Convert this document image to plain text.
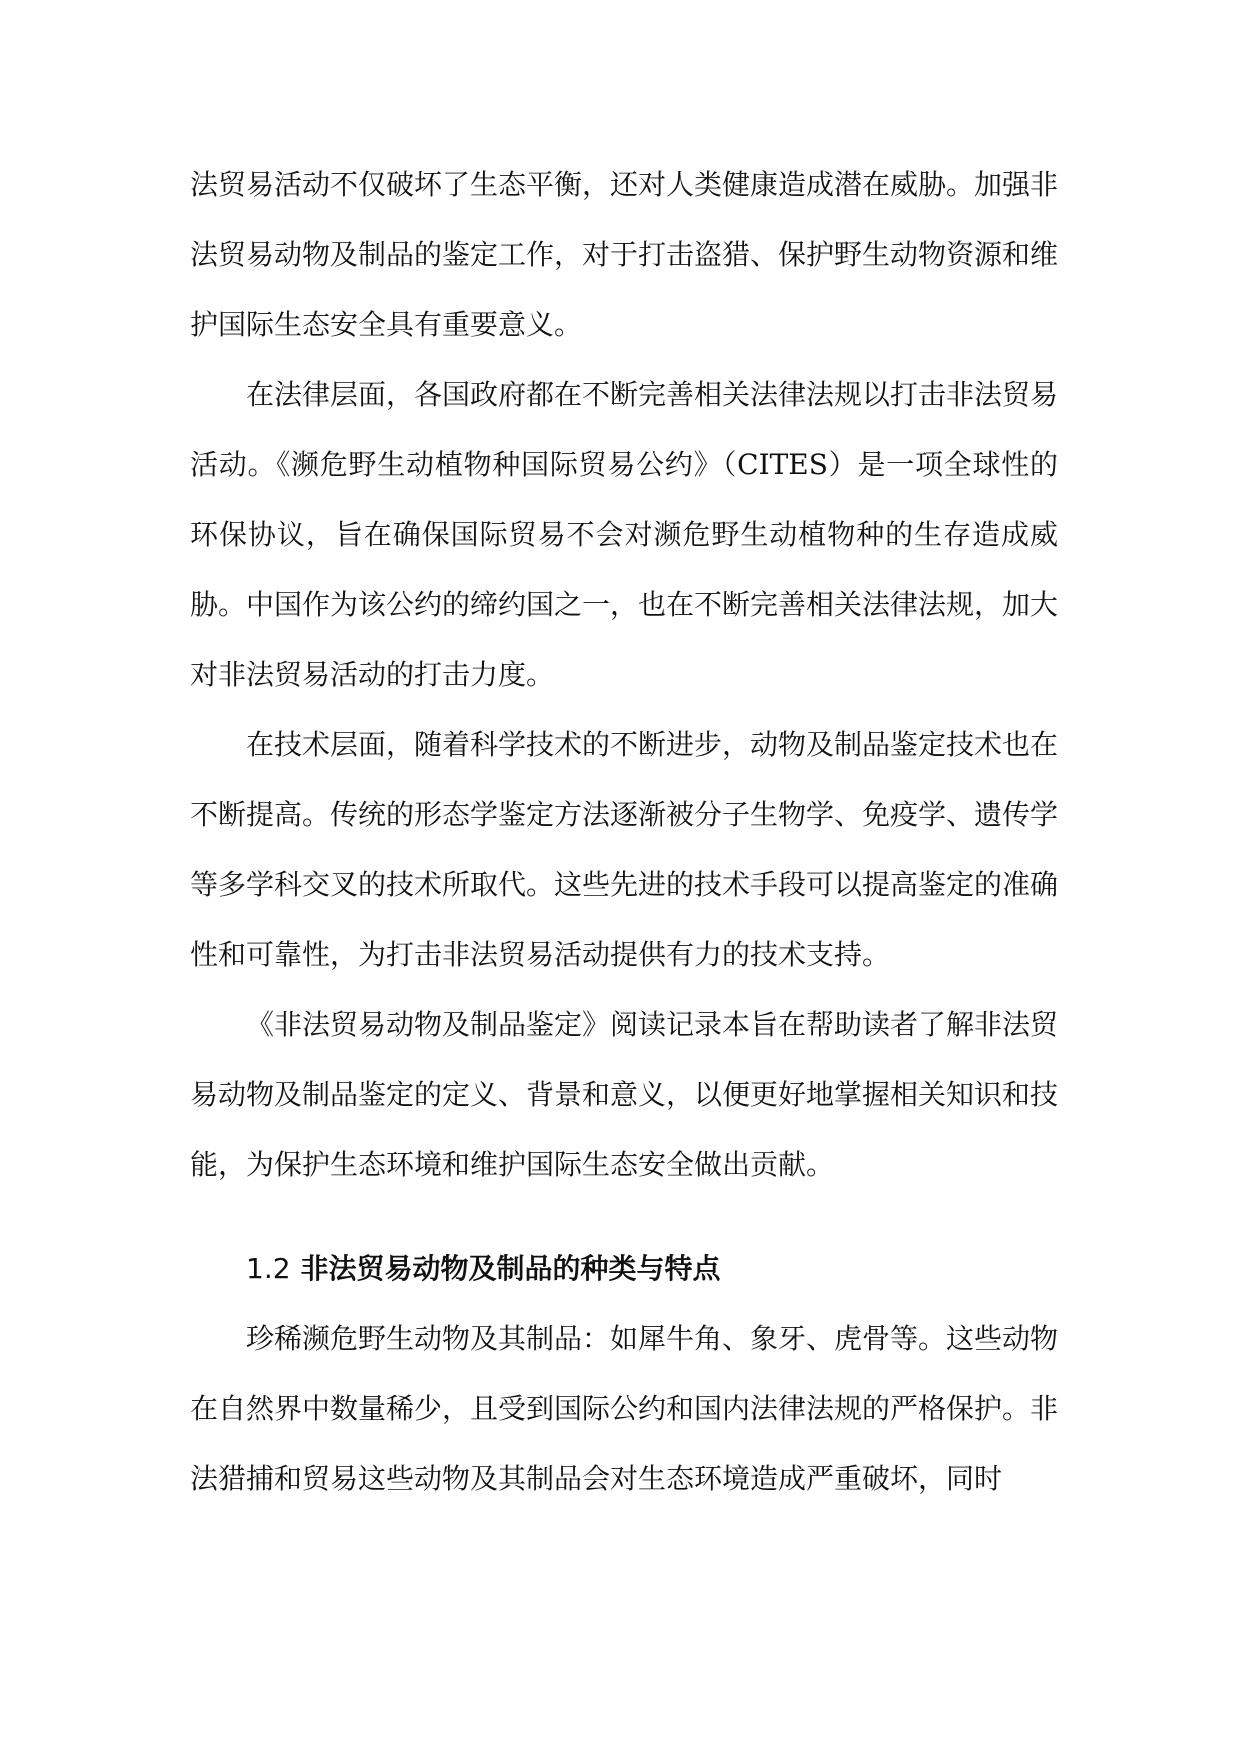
法贸易活动不仅破坏了生态平衡，还对人类健康造成潜在威胁。加强非法贸易动物及制品的鉴定工作，对于打击盗猎、保护野生动物资源和维护国际生态安全具有重要意义。

在法律层面，各国政府都在不断完善相关法律法规以打击非法贸易活动。《濒危野生动植物种国际贸易公约》（CITES）是一项全球性的环保协议，旨在确保国际贸易不会对濒危野生动植物种的生存造成威胁。中国作为该公约的缔约国之一，也在不断完善相关法律法规，加大对非法贸易活动的打击力度。

在技术层面，随着科学技术的不断进步，动物及制品鉴定技术也在不断提高。传统的形态学鉴定方法逐渐被分子生物学、免疫学、遗传学等多学科交叉的技术所取代。这些先进的技术手段可以提高鉴定的准确性和可靠性，为打击非法贸易活动提供有力的技术支持。

《非法贸易动物及制品鉴定》阅读记录本旨在帮助读者了解非法贸易动物及制品鉴定的定义、背景和意义，以便更好地掌握相关知识和技能，为保护生态环境和维护国际生态安全做出贡献。

1.2 非法贸易动物及制品的种类与特点

珍稀濒危野生动物及其制品：如犀牛角、象牙、虎骨等。这些动物在自然界中数量稀少，且受到国际公约和国内法律法规的严格保护。非法猎捕和贸易这些动物及其制品会对生态环境造成严重破坏，同时
